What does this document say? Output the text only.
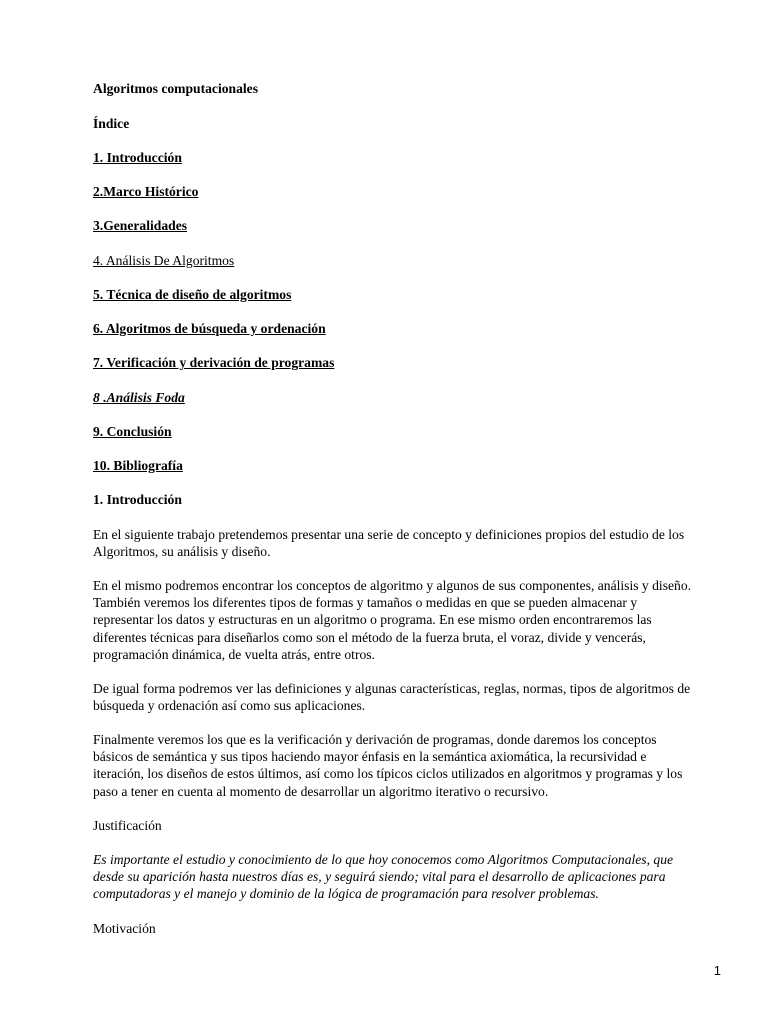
Algoritmos computacionales
Índice
1. Introducción
2.Marco Histórico
3.Generalidades
4. Análisis De Algoritmos
5. Técnica de diseño de algoritmos
6. Algoritmos de búsqueda y ordenación
7. Verificación y derivación de programas
8 .Análisis Foda
9. Conclusión
10. Bibliografía
1. Introducción
En el siguiente trabajo pretendemos presentar una serie de concepto y definiciones propios del estudio de los
Algoritmos, su análisis y diseño.
En el mismo podremos encontrar los conceptos de algoritmo y algunos de sus componentes, análisis y diseño.
También veremos los diferentes tipos de formas y tamaños o medidas en que se pueden almacenar y
representar los datos y estructuras en un algoritmo o programa. En ese mismo orden encontraremos las
diferentes técnicas para diseñarlos como son el método de la fuerza bruta, el voraz, divide y vencerás,
programación dinámica, de vuelta atrás, entre otros.
De igual forma podremos ver las definiciones y algunas características, reglas, normas, tipos de algoritmos de
búsqueda y ordenación así como sus aplicaciones.
Finalmente veremos los que es la verificación y derivación de programas, donde daremos los conceptos
básicos de semántica y sus tipos haciendo mayor énfasis en la semántica axiomática, la recursividad e
iteración, los diseños de estos últimos, así como los típicos ciclos utilizados en algoritmos y programas y los
paso a tener en cuenta al momento de desarrollar un algoritmo iterativo o recursivo.
Justificación
Es importante el estudio y conocimiento de lo que hoy conocemos como Algoritmos Computacionales, que
desde su aparición hasta nuestros días es, y seguirá siendo; vital para el desarrollo de aplicaciones para
computadoras y el manejo y dominio de la lógica de programación para resolver problemas.
Motivación
1
